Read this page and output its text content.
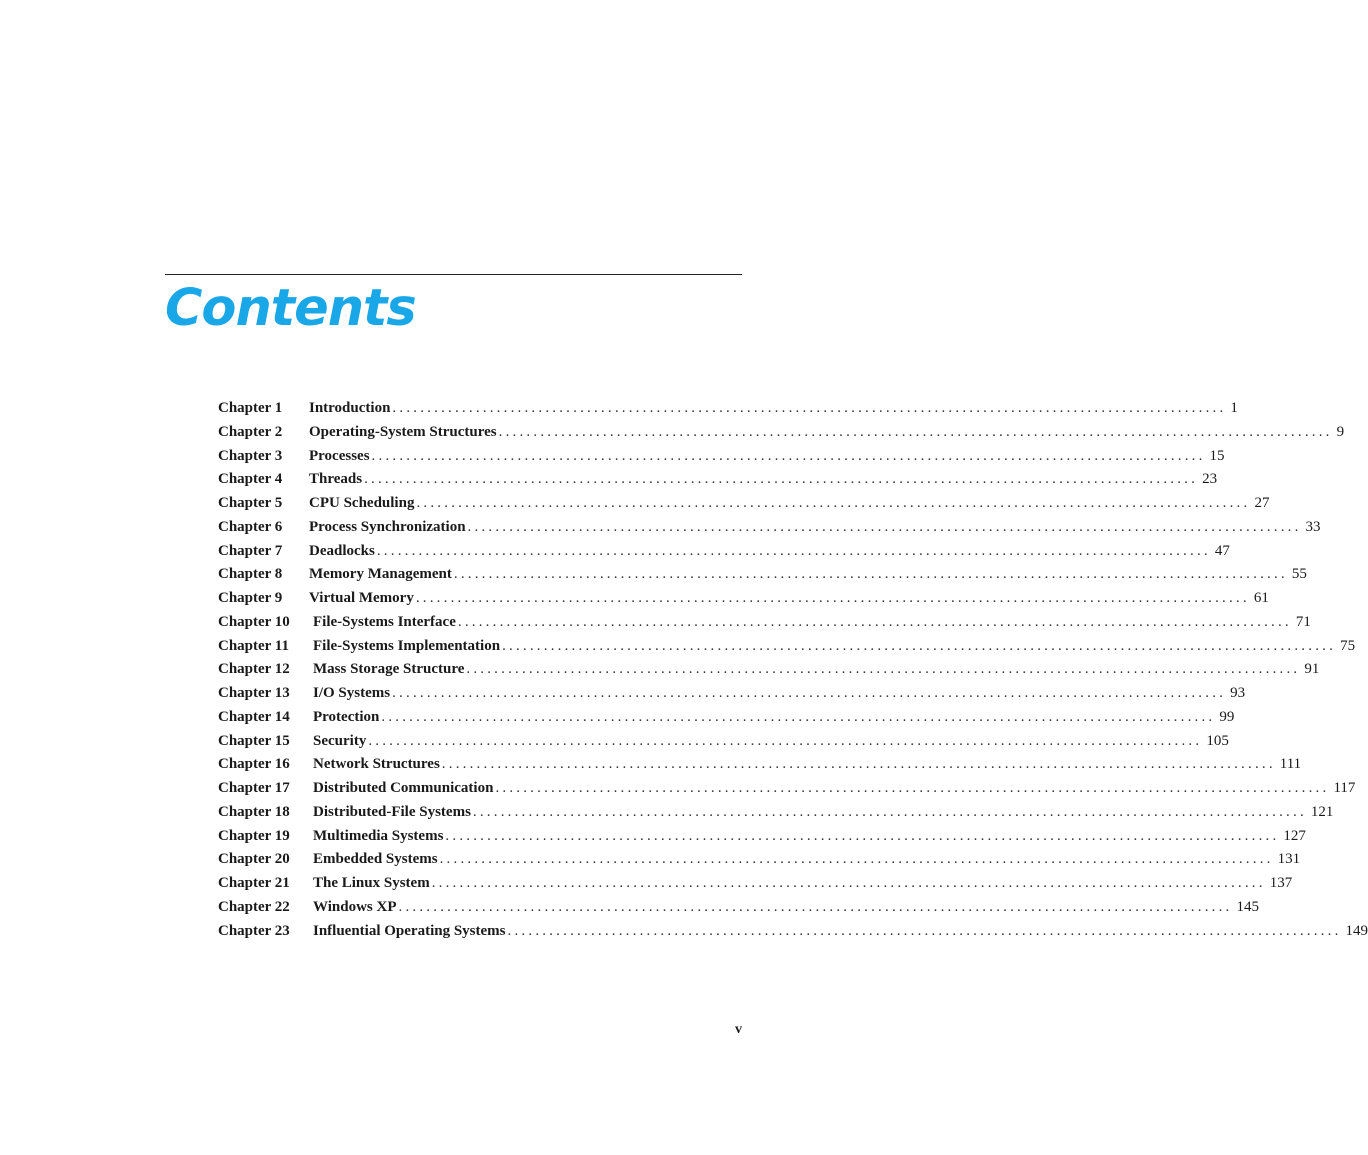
Contents
Chapter 1	Introduction ........................................................................................................................ 1
Chapter 2	Operating-System Structures ........................................................................................................................ 9
Chapter 3	Processes ........................................................................................................................ 15
Chapter 4	Threads ........................................................................................................................ 23
Chapter 5	CPU Scheduling ........................................................................................................................ 27
Chapter 6	Process Synchronization ........................................................................................................................ 33
Chapter 7	Deadlocks ........................................................................................................................ 47
Chapter 8	Memory Management ........................................................................................................................ 55
Chapter 9	Virtual Memory ........................................................................................................................ 61
Chapter 10	File-Systems Interface ........................................................................................................................ 71
Chapter 11	File-Systems Implementation ........................................................................................................................ 75
Chapter 12	Mass Storage Structure ........................................................................................................................ 91
Chapter 13	I/O Systems ........................................................................................................................ 93
Chapter 14	Protection ........................................................................................................................ 99
Chapter 15	Security ........................................................................................................................ 105
Chapter 16	Network Structures ........................................................................................................................ 111
Chapter 17	Distributed Communication ........................................................................................................................ 117
Chapter 18	Distributed-File Systems ........................................................................................................................ 121
Chapter 19	Multimedia Systems ........................................................................................................................ 127
Chapter 20	Embedded Systems ........................................................................................................................ 131
Chapter 21	The Linux System ........................................................................................................................ 137
Chapter 22	Windows XP ........................................................................................................................ 145
Chapter 23	Influential Operating Systems ........................................................................................................................ 149
v
